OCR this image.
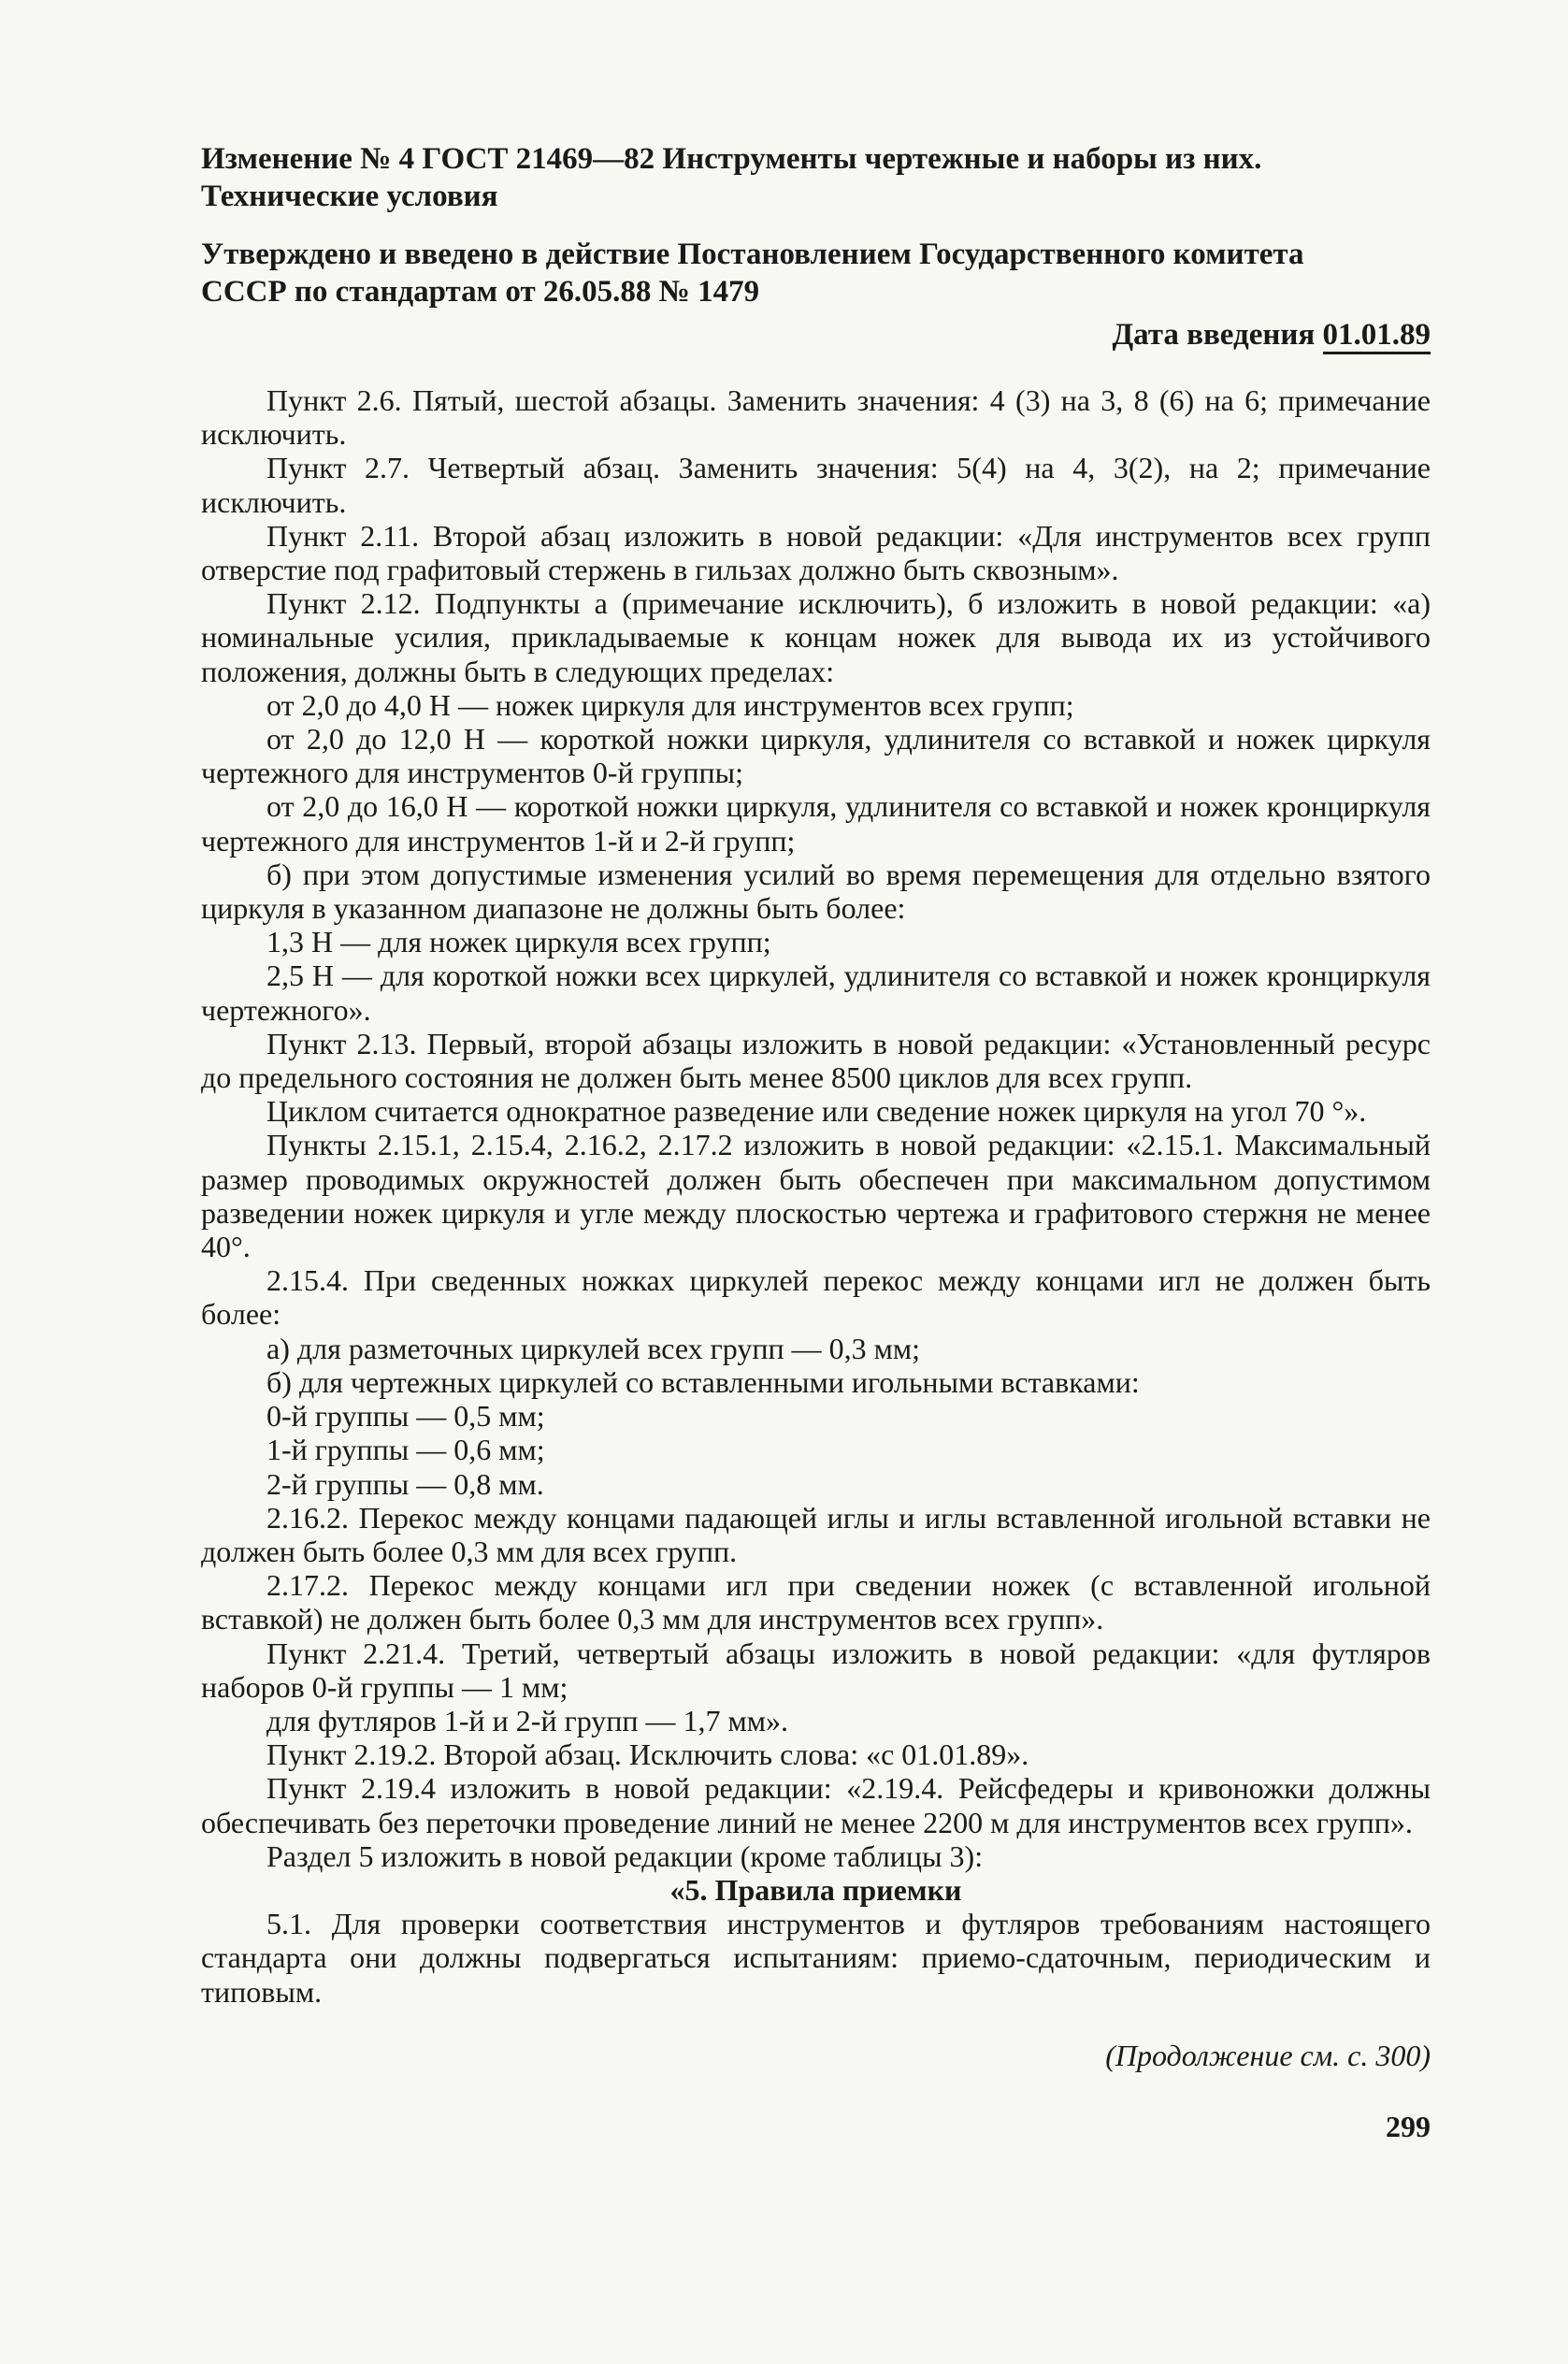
Изменение № 4 ГОСТ 21469—82 Инструменты чертежные и наборы из них.
Технические условия
Утверждено и введено в действие Постановлением Государственного комитета
СССР по стандартам от 26.05.88 № 1479
Дата введения 01.01.89

Пункт 2.6. Пятый, шестой абзацы. Заменить значения: 4 (3) на 3, 8 (6) на 6; примечание исключить.

Пункт 2.7. Четвертый абзац. Заменить значения: 5(4) на 4, 3(2), на 2; примечание исключить.

Пункт 2.11. Второй абзац изложить в новой редакции: «Для инструментов всех групп отверстие под графитовый стержень в гильзах должно быть сквозным».

Пункт 2.12. Подпункты а (примечание исключить), б изложить в новой редакции: «а) номинальные усилия, прикладываемые к концам ножек для вывода их из устойчивого положения, должны быть в следующих пределах:

от 2,0 до 4,0 Н — ножек циркуля для инструментов всех групп;

от 2,0 до 12,0 Н — короткой ножки циркуля, удлинителя со вставкой и ножек циркуля чертежного для инструментов 0-й группы;

от 2,0 до 16,0 Н — короткой ножки циркуля, удлинителя со вставкой и ножек кронциркуля чертежного для инструментов 1-й и 2-й групп;

б) при этом допустимые изменения усилий во время перемещения для отдельно взятого циркуля в указанном диапазоне не должны быть более:

1,3 Н — для ножек циркуля всех групп;

2,5 Н — для короткой ножки всех циркулей, удлинителя со вставкой и ножек кронциркуля чертежного».

Пункт 2.13. Первый, второй абзацы изложить в новой редакции: «Установленный ресурс до предельного состояния не должен быть менее 8500 циклов для всех групп.

Циклом считается однократное разведение или сведение ножек циркуля на угол 70 °».

Пункты 2.15.1, 2.15.4, 2.16.2, 2.17.2 изложить в новой редакции: «2.15.1. Максимальный размер проводимых окружностей должен быть обеспечен при максимальном допустимом разведении ножек циркуля и угле между плоскостью чертежа и графитового стержня не менее 40°.

2.15.4. При сведенных ножках циркулей перекос между концами игл не должен быть более:

а) для разметочных циркулей всех групп — 0,3 мм;

б) для чертежных циркулей со вставленными игольными вставками:

0-й группы — 0,5 мм;

1-й группы — 0,6 мм;

2-й группы — 0,8 мм.

2.16.2. Перекос между концами падающей иглы и иглы вставленной игольной вставки не должен быть более 0,3 мм для всех групп.

2.17.2. Перекос между концами игл при сведении ножек (с вставленной игольной вставкой) не должен быть более 0,3 мм для инструментов всех групп».

Пункт 2.21.4. Третий, четвертый абзацы изложить в новой редакции: «для футляров наборов 0-й группы — 1 мм;

для футляров 1-й и 2-й групп — 1,7 мм».

Пункт 2.19.2. Второй абзац. Исключить слова: «с 01.01.89».

Пункт 2.19.4 изложить в новой редакции: «2.19.4. Рейсфедеры и кривоножки должны обеспечивать без переточки проведение линий не менее 2200 м для инструментов всех групп».

Раздел 5 изложить в новой редакции (кроме таблицы 3):

«5. Правила приемки

5.1. Для проверки соответствия инструментов и футляров требованиям настоящего стандарта они должны подвергаться испытаниям: приемо-сдаточным, периодическим и типовым.

(Продолжение см. с. 300)
299
